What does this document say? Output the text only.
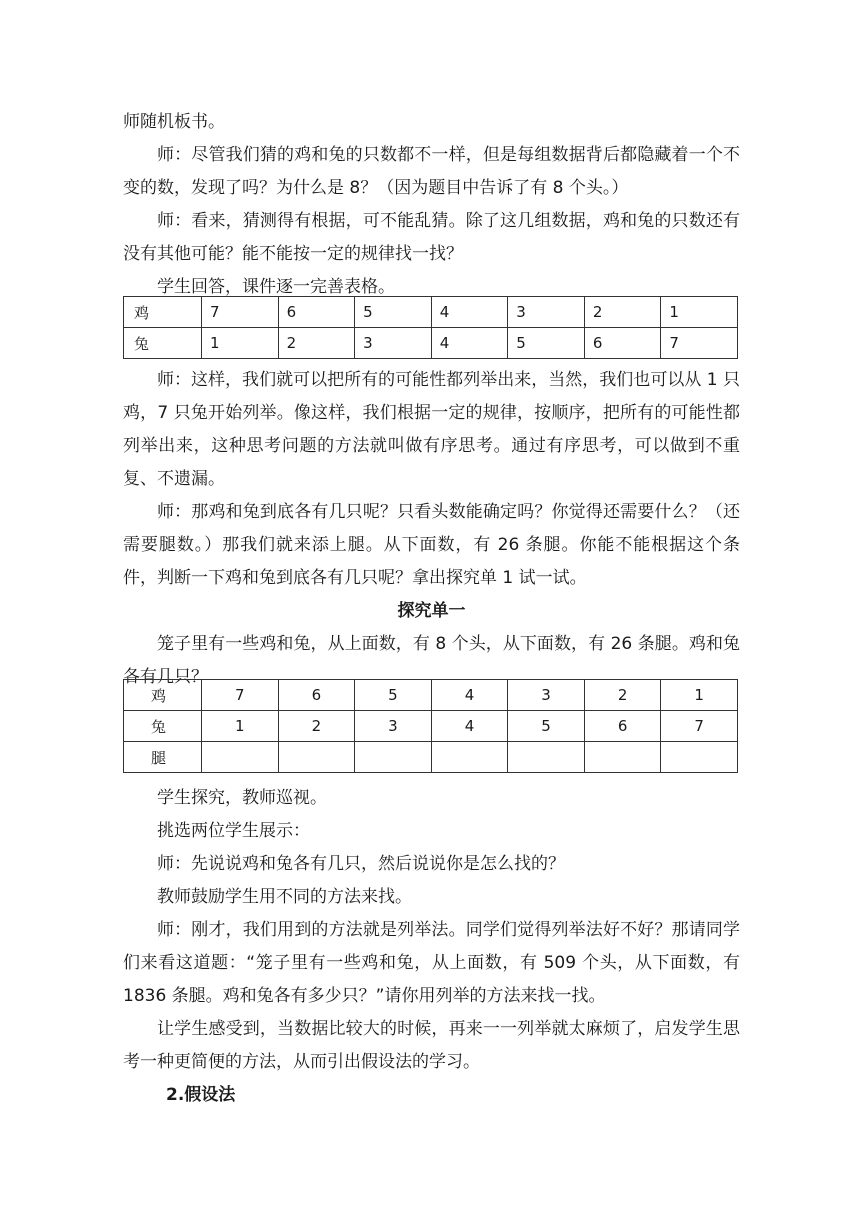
师随机板书。

师：尽管我们猜的鸡和兔的只数都不一样，但是每组数据背后都隐藏着一个不变的数，发现了吗？为什么是 8？（因为题目中告诉了有 8 个头。）

师：看来，猜测得有根据，可不能乱猜。除了这几组数据，鸡和兔的只数还有没有其他可能？能不能按一定的规律找一找？

学生回答，课件逐一完善表格。

鸡	7	6	5	4	3	2	1
兔	1	2	3	4	5	6	7

师：这样，我们就可以把所有的可能性都列举出来，当然，我们也可以从 1 只鸡，7 只兔开始列举。像这样，我们根据一定的规律，按顺序，把所有的可能性都列举出来，这种思考问题的方法就叫做有序思考。通过有序思考，可以做到不重复、不遗漏。

师：那鸡和兔到底各有几只呢？只看头数能确定吗？你觉得还需要什么？（还需要腿数。）那我们就来添上腿。从下面数，有 26 条腿。你能不能根据这个条件，判断一下鸡和兔到底各有几只呢？拿出探究单 1 试一试。

探究单一

笼子里有一些鸡和兔，从上面数，有 8 个头，从下面数，有 26 条腿。鸡和兔各有几只？

鸡	7	6	5	4	3	2	1
兔	1	2	3	4	5	6	7
腿							

学生探究，教师巡视。

挑选两位学生展示：

师：先说说鸡和兔各有几只，然后说说你是怎么找的？

教师鼓励学生用不同的方法来找。

师：刚才，我们用到的方法就是列举法。同学们觉得列举法好不好？那请同学们来看这道题：“笼子里有一些鸡和兔，从上面数，有 509 个头，从下面数，有 1836 条腿。鸡和兔各有多少只？”请你用列举的方法来找一找。

让学生感受到，当数据比较大的时候，再来一一列举就太麻烦了，启发学生思考一种更简便的方法，从而引出假设法的学习。

2.假设法
